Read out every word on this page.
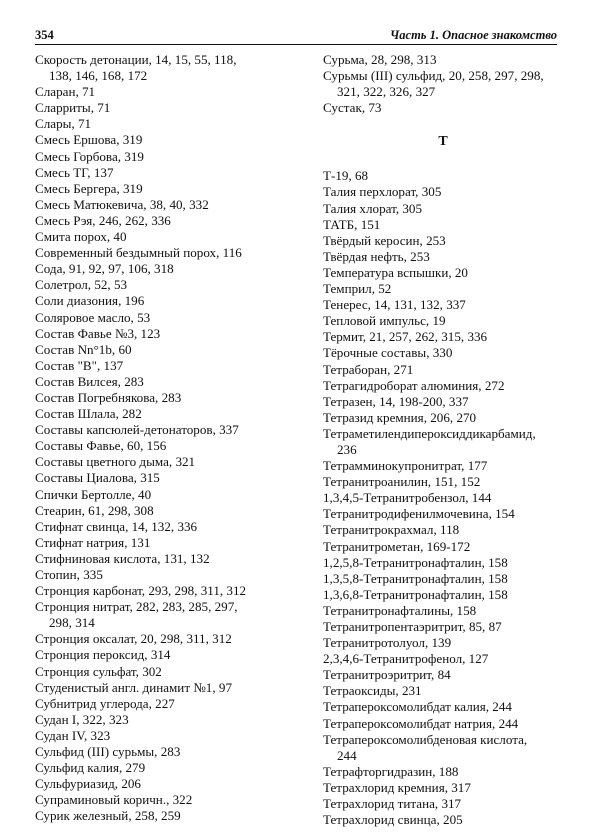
354	Часть 1. Опасное знакомство
Скорость детонации, 14, 15, 55, 118,
138, 146, 168, 172
Сларан, 71
Сларриты, 71
Слары, 71
Смесь Ершова, 319
Смесь Горбова, 319
Смесь ТГ, 137
Смесь Бергера, 319
Смесь Матюкевича, 38, 40, 332
Смесь Рэя, 246, 262, 336
Смита порох, 40
Современный бездымный порох, 116
Сода, 91, 92, 97, 106, 318
Солетрол, 52, 53
Соли диазония, 196
Соляровое масло, 53
Состав Фавье №3, 123
Состав Nn°1b, 60
Состав "В", 137
Состав Вилсея, 283
Состав Погребнякова, 283
Состав Шлала, 282
Составы капсюлей-детонаторов, 337
Составы Фавье, 60, 156
Составы цветного дыма, 321
Составы Циалова, 315
Спички Бертолле, 40
Стеарин, 61, 298, 308
Стифнат свинца, 14, 132, 336
Стифнат натрия, 131
Стифниновая кислота, 131, 132
Стопин, 335
Стронция карбонат, 293, 298, 311, 312
Стронция нитрат, 282, 283, 285, 297,
298, 314
Стронция оксалат, 20, 298, 311, 312
Стронция пероксид, 314
Стронция сульфат, 302
Студенистый англ. динамит №1, 97
Субнитрид углерода, 227
Судан I, 322, 323
Судан IV, 323
Сульфид (III) сурьмы, 283
Сульфид калия, 279
Сульфуриазид, 206
Супраминовый коричн., 322
Сурик железный, 258, 259
Сурьма, 28, 298, 313
Сурьмы (III) сульфид, 20, 258, 297, 298,
321, 322, 326, 327
Сустак, 73
Т
Т-19, 68
Талия перхлорат, 305
Талия хлорат, 305
ТАТБ, 151
Твёрдый керосин, 253
Твёрдая нефть, 253
Температура вспышки, 20
Темприл, 52
Тенерес, 14, 131, 132, 337
Тепловой импульс, 19
Термит, 21, 257, 262, 315, 336
Тёрочные составы, 330
Тетраборан, 271
Тетрагидроборат алюминия, 272
Тетразен, 14, 198-200, 337
Тетразид кремния, 206, 270
Тетраметилендипероксиддикарбамид,
236
Тетрамминокупронитрат, 177
Тетранитроанилин, 151, 152
1,3,4,5-Тетранитробензол, 144
Тетранитродифенилмочевина, 154
Тетранитрокрахмал, 118
Тетранитрометан, 169-172
1,2,5,8-Тетранитронафталин, 158
1,3,5,8-Тетранитронафталин, 158
1,3,6,8-Тетранитронафталин, 158
Тетранитронафталины, 158
Тетранитропентаэритрит, 85, 87
Тетранитротолуол, 139
2,3,4,6-Тетранитрофенол, 127
Тетранитроэритрит, 84
Тетраоксиды, 231
Тетрапероксомолибдат калия, 244
Тетрапероксомолибдат натрия, 244
Тетрапероксомолибденовая кислота,
244
Тетрафторгидразин, 188
Тетрахлорид кремния, 317
Тетрахлорид титана, 317
Тетрахлорид свинца, 205
